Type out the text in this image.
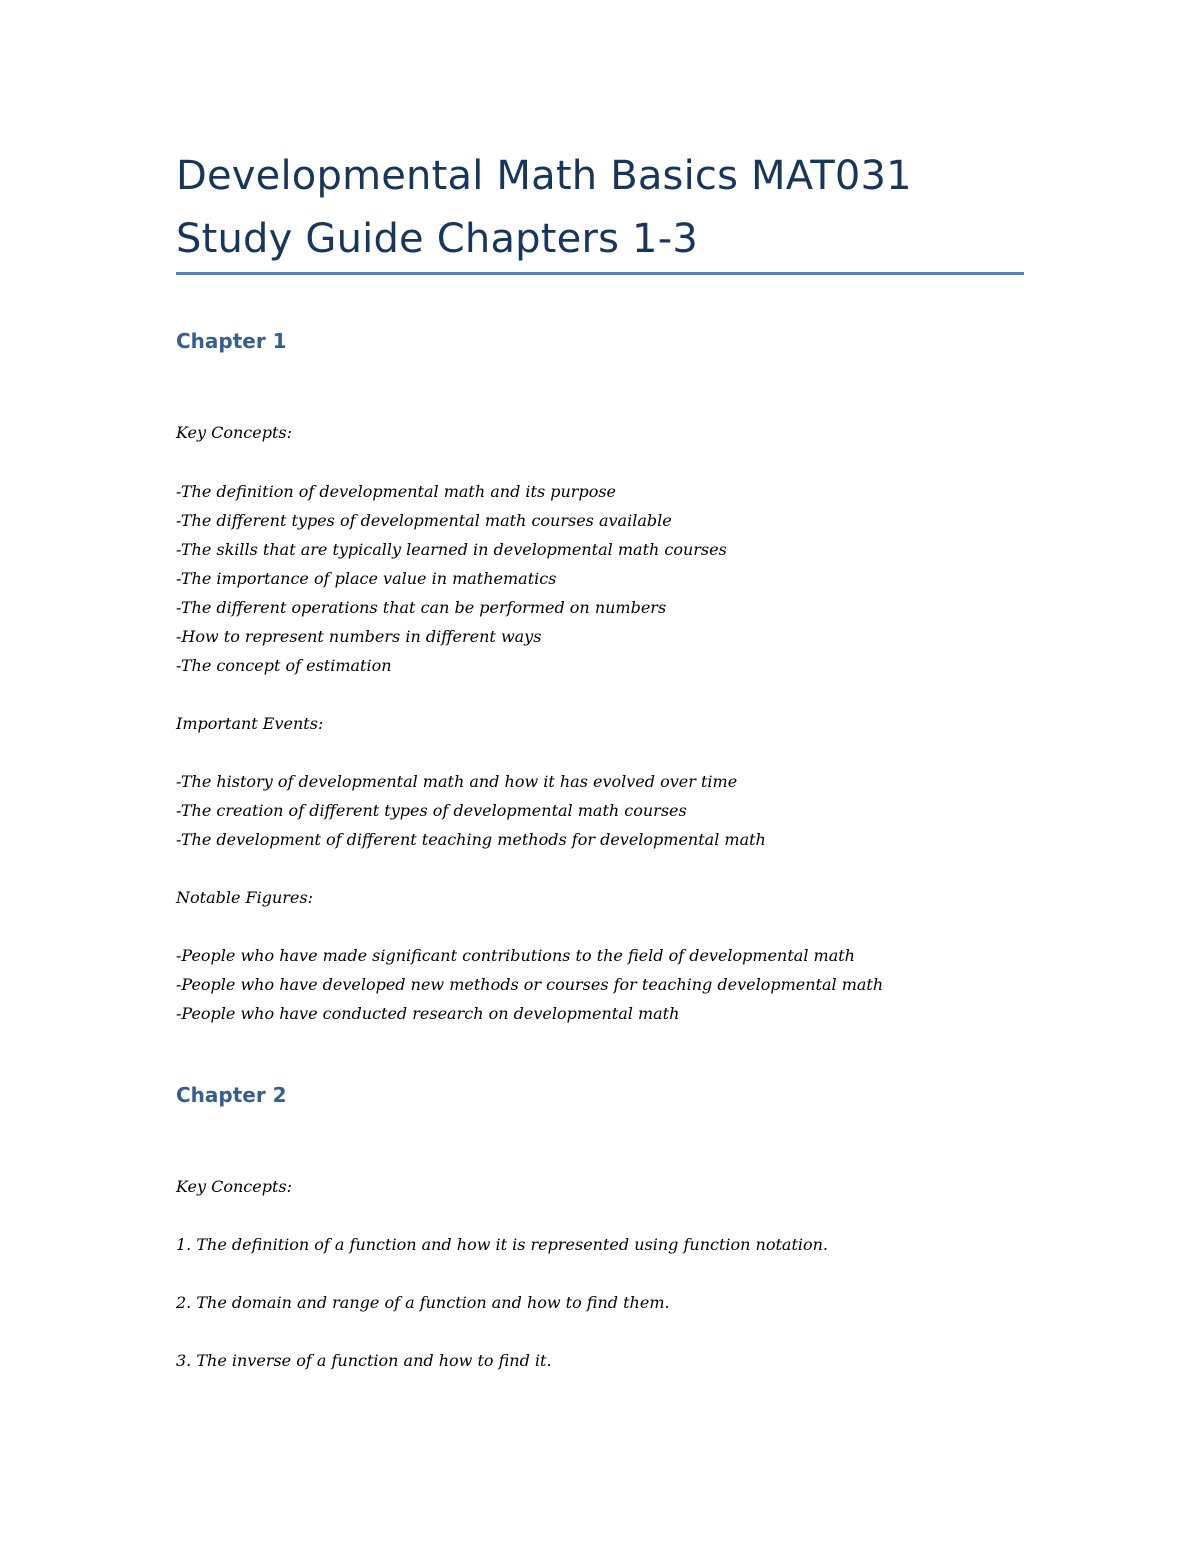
Developmental Math Basics MAT031
Study Guide Chapters 1-3
Chapter 1
Key Concepts:
-The definition of developmental math and its purpose
-The different types of developmental math courses available
-The skills that are typically learned in developmental math courses
-The importance of place value in mathematics
-The different operations that can be performed on numbers
-How to represent numbers in different ways
-The concept of estimation
Important Events:
-The history of developmental math and how it has evolved over time
-The creation of different types of developmental math courses
-The development of different teaching methods for developmental math
Notable Figures:
-People who have made significant contributions to the field of developmental math
-People who have developed new methods or courses for teaching developmental math
-People who have conducted research on developmental math
Chapter 2
Key Concepts:
1. The definition of a function and how it is represented using function notation.
2. The domain and range of a function and how to find them.
3. The inverse of a function and how to find it.
